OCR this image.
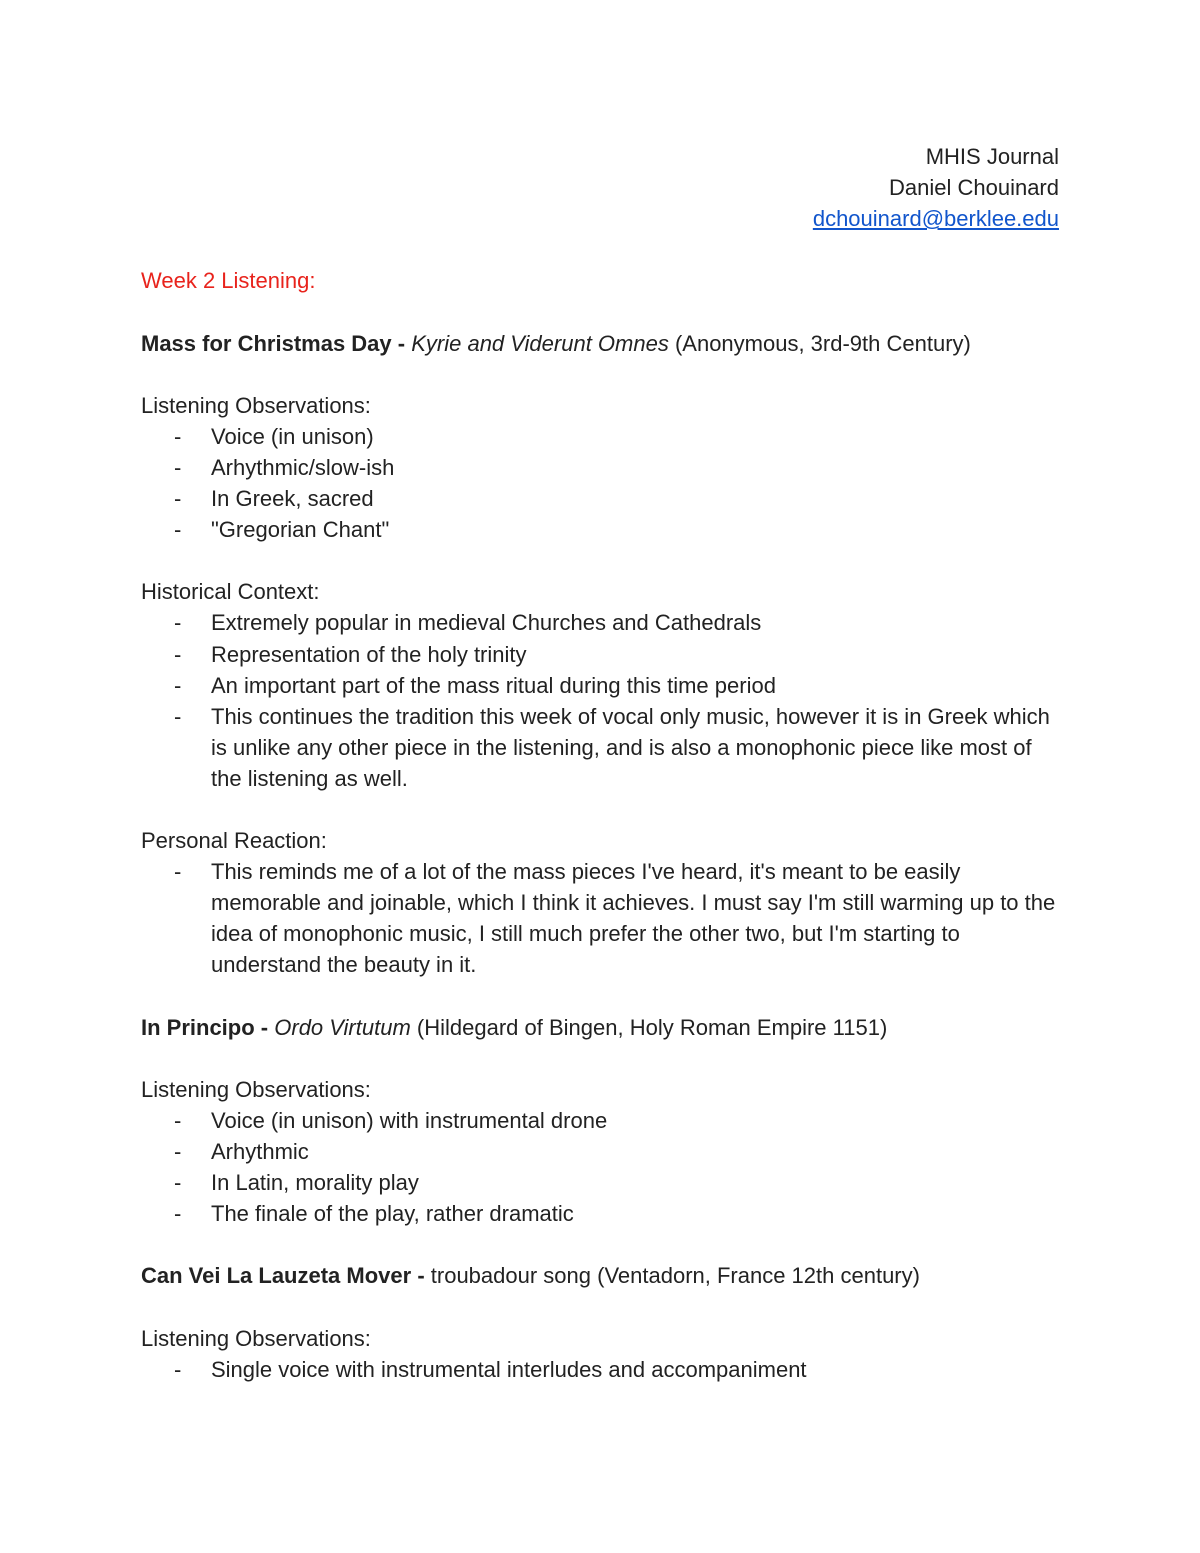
MHIS Journal
Daniel Chouinard
dchouinard@berklee.edu
Week 2 Listening:
Mass for Christmas Day - Kyrie and Viderunt Omnes (Anonymous, 3rd-9th Century)
Listening Observations:
- Voice (in unison)
- Arhythmic/slow-ish
- In Greek, sacred
- "Gregorian Chant"
Historical Context:
- Extremely popular in medieval Churches and Cathedrals
- Representation of the holy trinity
- An important part of the mass ritual during this time period
- This continues the tradition this week of vocal only music, however it is in Greek which is unlike any other piece in the listening, and is also a monophonic piece like most of the listening as well.
Personal Reaction:
- This reminds me of a lot of the mass pieces I've heard, it's meant to be easily memorable and joinable, which I think it achieves. I must say I'm still warming up to the idea of monophonic music, I still much prefer the other two, but I'm starting to understand the beauty in it.
In Principo - Ordo Virtutum (Hildegard of Bingen, Holy Roman Empire 1151)
Listening Observations:
- Voice (in unison) with instrumental drone
- Arhythmic
- In Latin, morality play
- The finale of the play, rather dramatic
Can Vei La Lauzeta Mover - troubadour song (Ventadorn, France 12th century)
Listening Observations:
- Single voice with instrumental interludes and accompaniment
